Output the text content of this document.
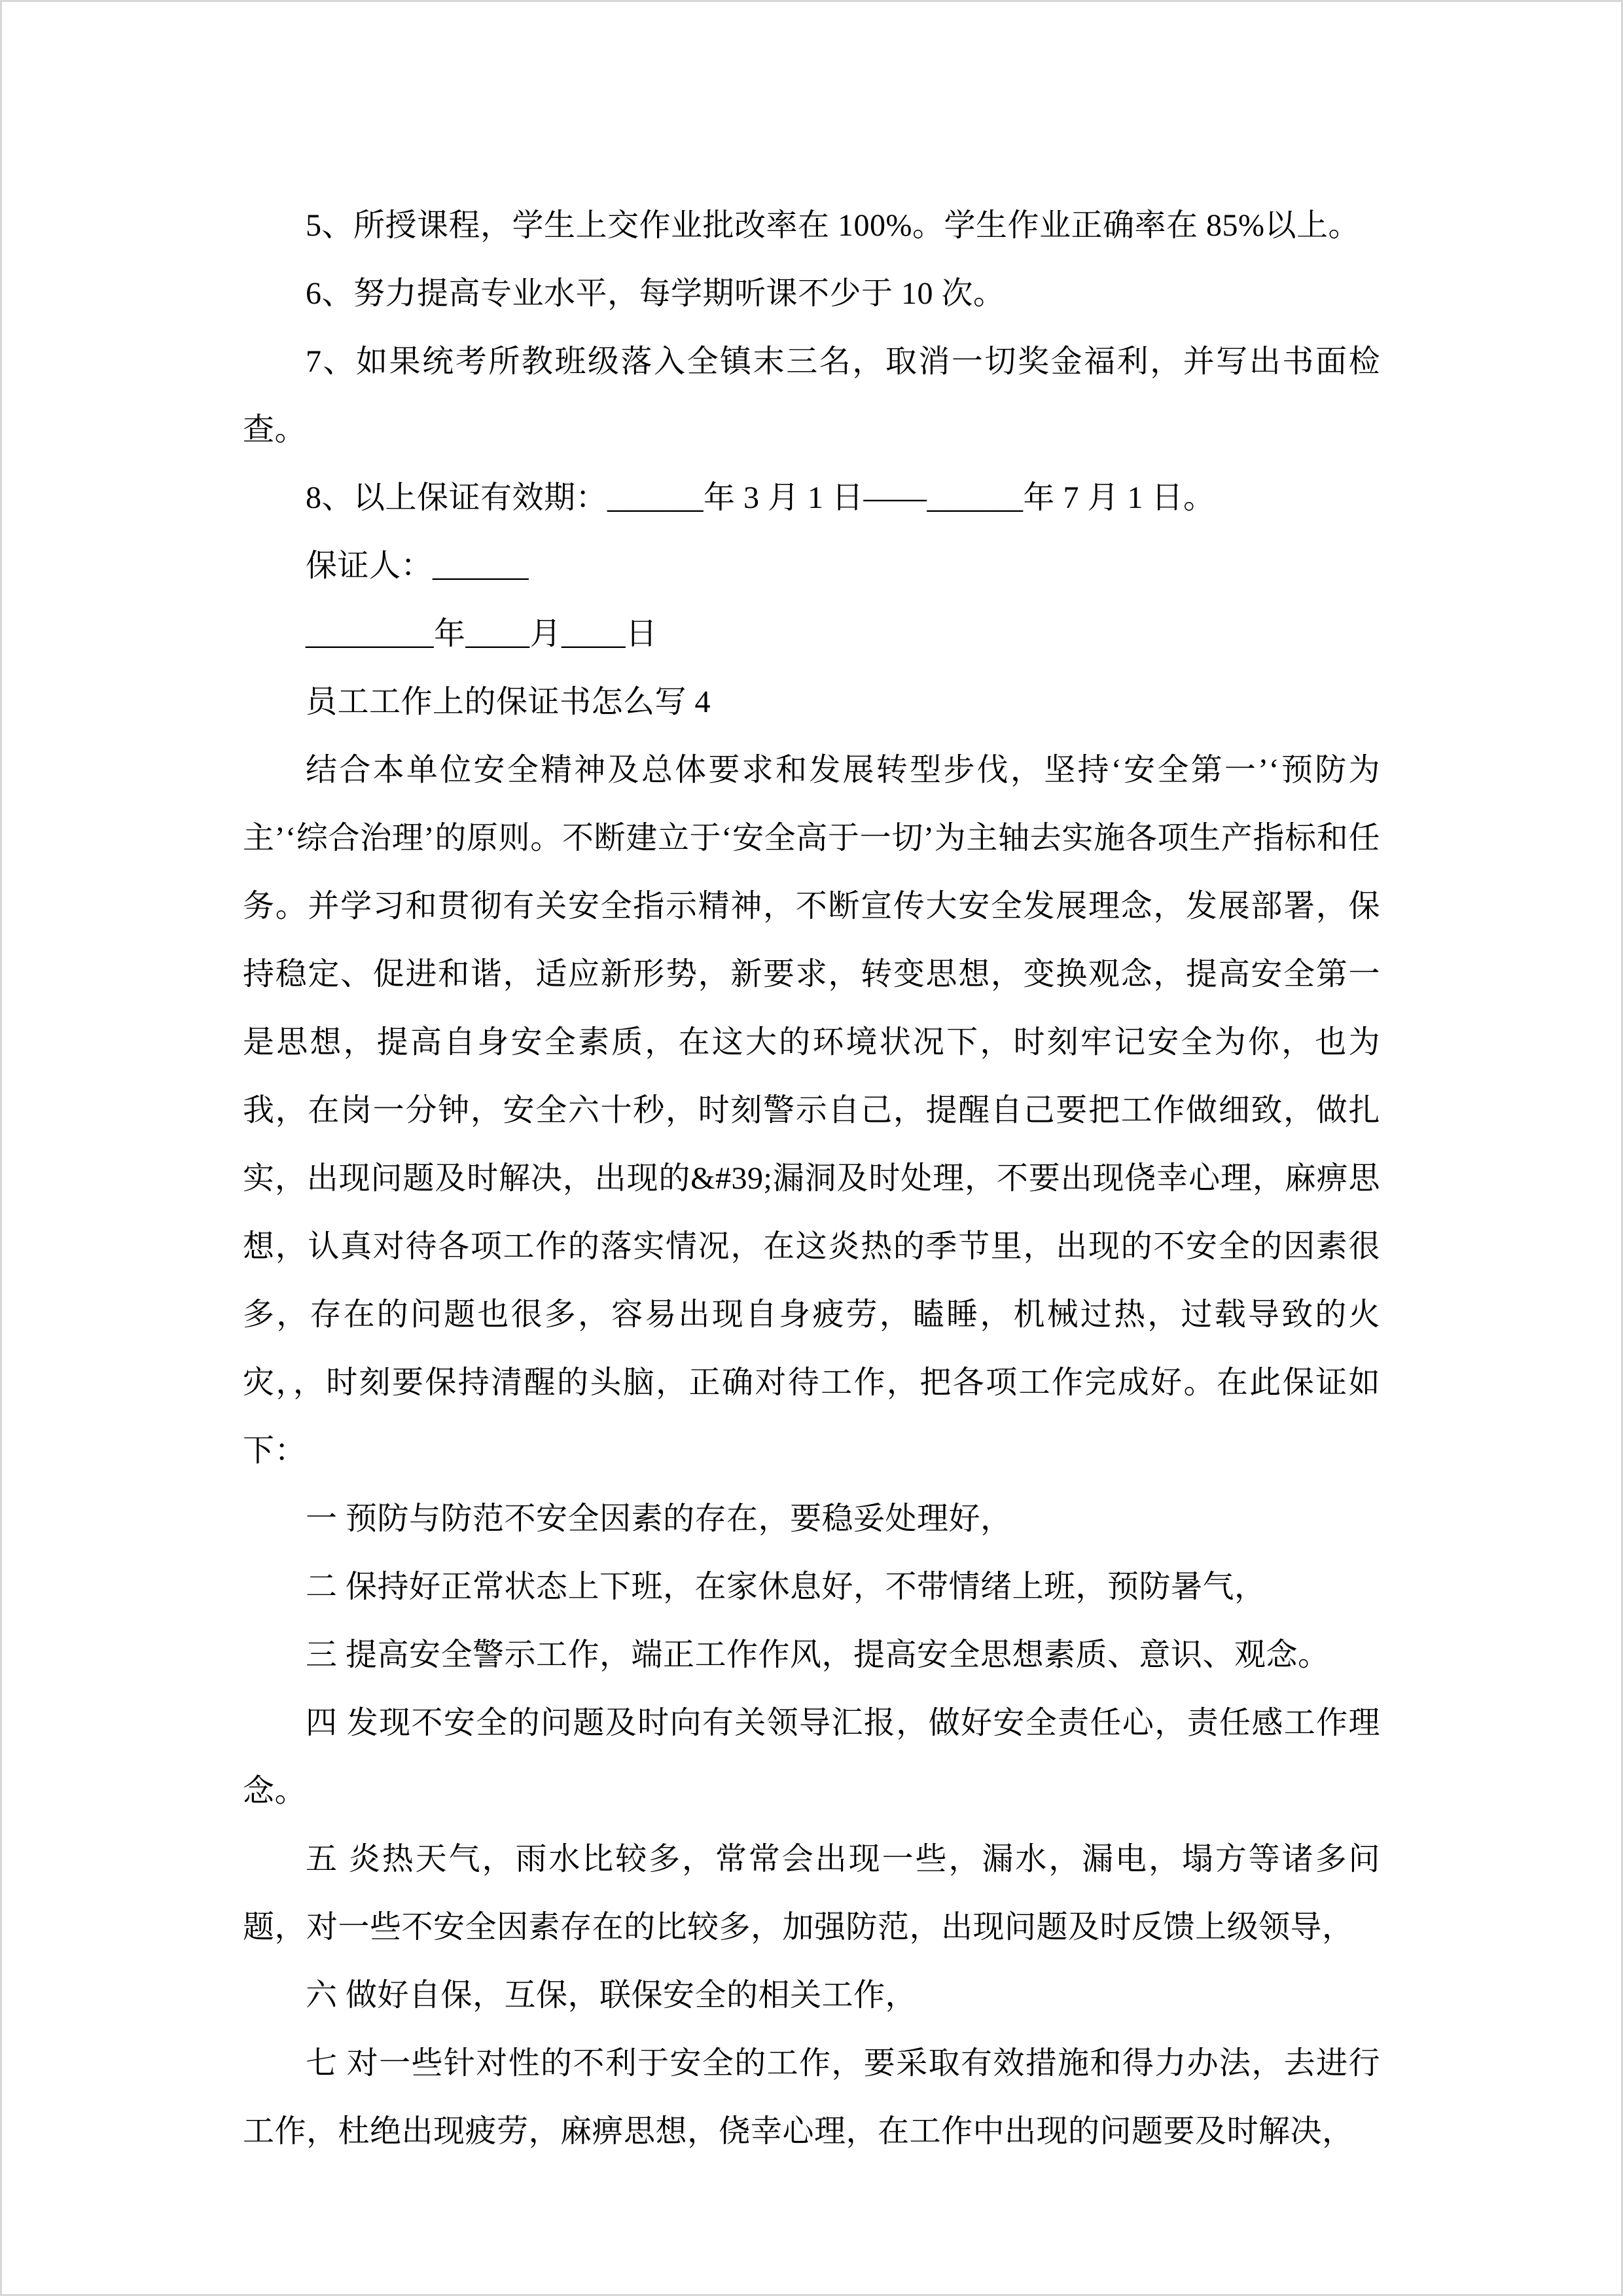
5、所授课程，学生上交作业批改率在 100%。学生作业正确率在 85%以上。

6、努力提高专业水平，每学期听课不少于 10 次。

7、如果统考所教班级落入全镇末三名，取消一切奖金福利，并写出书面检查。

8、以上保证有效期：______年 3 月 1 日——______年 7 月 1 日。

保证人：______

________年____月____日

员工工作上的保证书怎么写 4

结合本单位安全精神及总体要求和发展转型步伐，坚持‘安全第一’‘预防为主’‘综合治理’的原则。不断建立于‘安全高于一切’为主轴去实施各项生产指标和任务。并学习和贯彻有关安全指示精神，不断宣传大安全发展理念，发展部署，保持稳定、促进和谐，适应新形势，新要求，转变思想，变换观念，提高安全第一是思想，提高自身安全素质，在这大的环境状况下，时刻牢记安全为你，也为我，在岗一分钟，安全六十秒，时刻警示自己，提醒自己要把工作做细致，做扎实，出现问题及时解决，出现的&#39;漏洞及时处理，不要出现侥幸心理，麻痹思想，认真对待各项工作的落实情况，在这炎热的季节里，出现的不安全的因素很多，存在的问题也很多，容易出现自身疲劳，瞌睡，机械过热，过载导致的火灾，，时刻要保持清醒的头脑，正确对待工作，把各项工作完成好。在此保证如下：

一 预防与防范不安全因素的存在，要稳妥处理好，

二 保持好正常状态上下班，在家休息好，不带情绪上班，预防暑气，

三 提高安全警示工作，端正工作作风，提高安全思想素质、意识、观念。

四 发现不安全的问题及时向有关领导汇报，做好安全责任心，责任感工作理念。

五 炎热天气，雨水比较多，常常会出现一些，漏水，漏电，塌方等诸多问题，对一些不安全因素存在的比较多，加强防范，出现问题及时反馈上级领导，

六 做好自保，互保，联保安全的相关工作，

七 对一些针对性的不利于安全的工作，要采取有效措施和得力办法，去进行工作，杜绝出现疲劳，麻痹思想，侥幸心理，在工作中出现的问题要及时解决，
